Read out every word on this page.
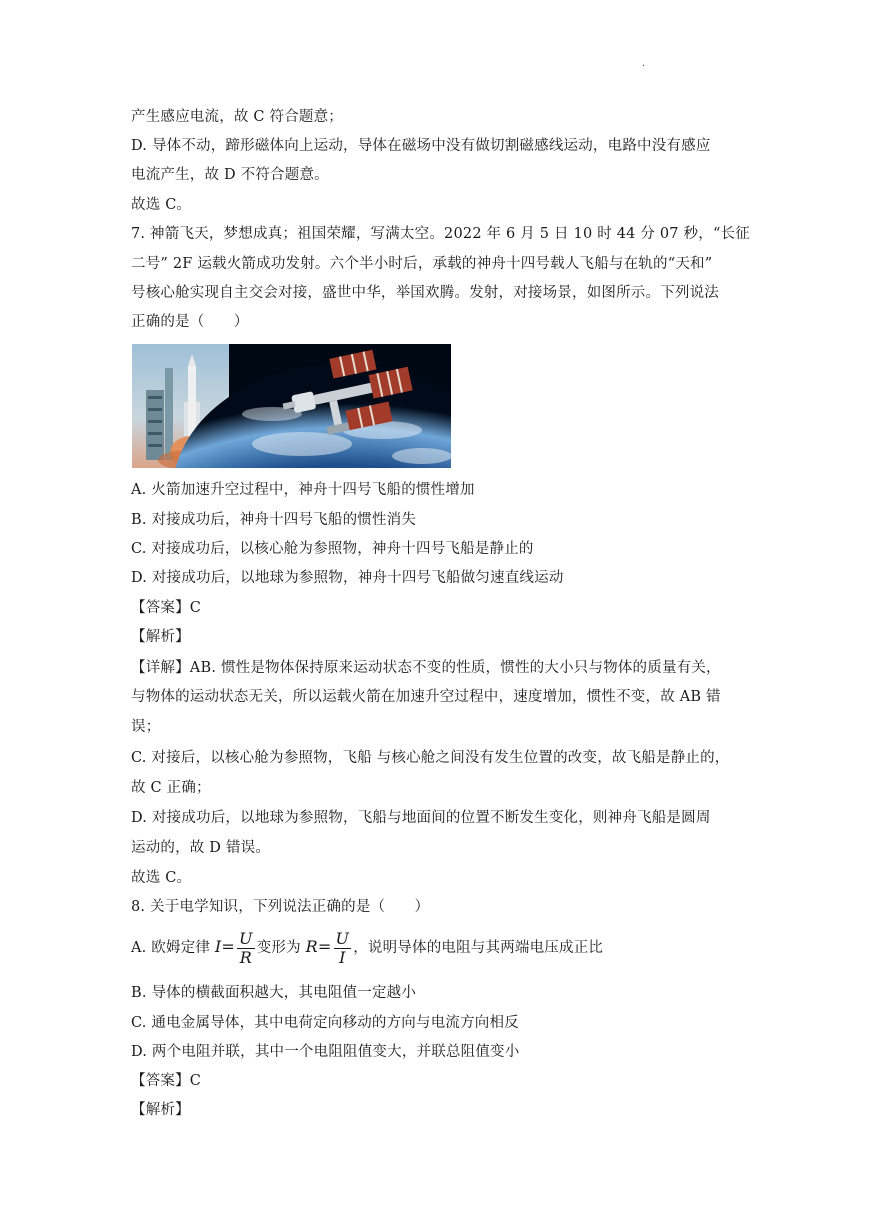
.
产生感应电流，故 C 符合题意；
D. 导体不动，蹄形磁体向上运动，导体在磁场中没有做切割磁感线运动，电路中没有感应
电流产生，故 D 不符合题意。
故选 C。
7. 神箭飞天，梦想成真；祖国荣耀，写满太空。2022 年 6 月 5 日 10 时 44 分 07 秒，“长征
二号” 2F 运载火箭成功发射。六个半小时后，承载的神舟十四号载人飞船与在轨的“天和”
号核心舱实现自主交会对接，盛世中华，举国欢腾。发射，对接场景，如图所示。下列说法
正确的是（　　）
A. 火箭加速升空过程中，神舟十四号飞船的惯性增加
B. 对接成功后，神舟十四号飞船的惯性消失
C. 对接成功后，以核心舱为参照物，神舟十四号飞船是静止的
D. 对接成功后，以地球为参照物，神舟十四号飞船做匀速直线运动
【答案】C
【解析】
【详解】AB. 惯性是物体保持原来运动状态不变的性质，惯性的大小只与物体的质量有关，
与物体的运动状态无关，所以运载火箭在加速升空过程中，速度增加，惯性不变，故 AB 错
误；
C. 对接后，以核心舱为参照物，飞船 与核心舱之间没有发生位置的改变，故飞船是静止的，
故 C 正确；
D. 对接成功后，以地球为参照物，飞船与地面间的位置不断发生变化，则神舟飞船是圆周
运动的，故 D 错误。
故选 C。
8. 关于电学知识，下列说法正确的是（　　）
A. 欧姆定律 $I= \frac{U}{R}$ 变形为 $R= \frac{U}{I}$ ，说明导体的电阻与其两端电压成正比
B. 导体的横截面积越大，其电阻值一定越小
C. 通电金属导体，其中电荷定向移动的方向与电流方向相反
D. 两个电阻并联，其中一个电阻阻值变大，并联总阻值变小
【答案】C
【解析】
